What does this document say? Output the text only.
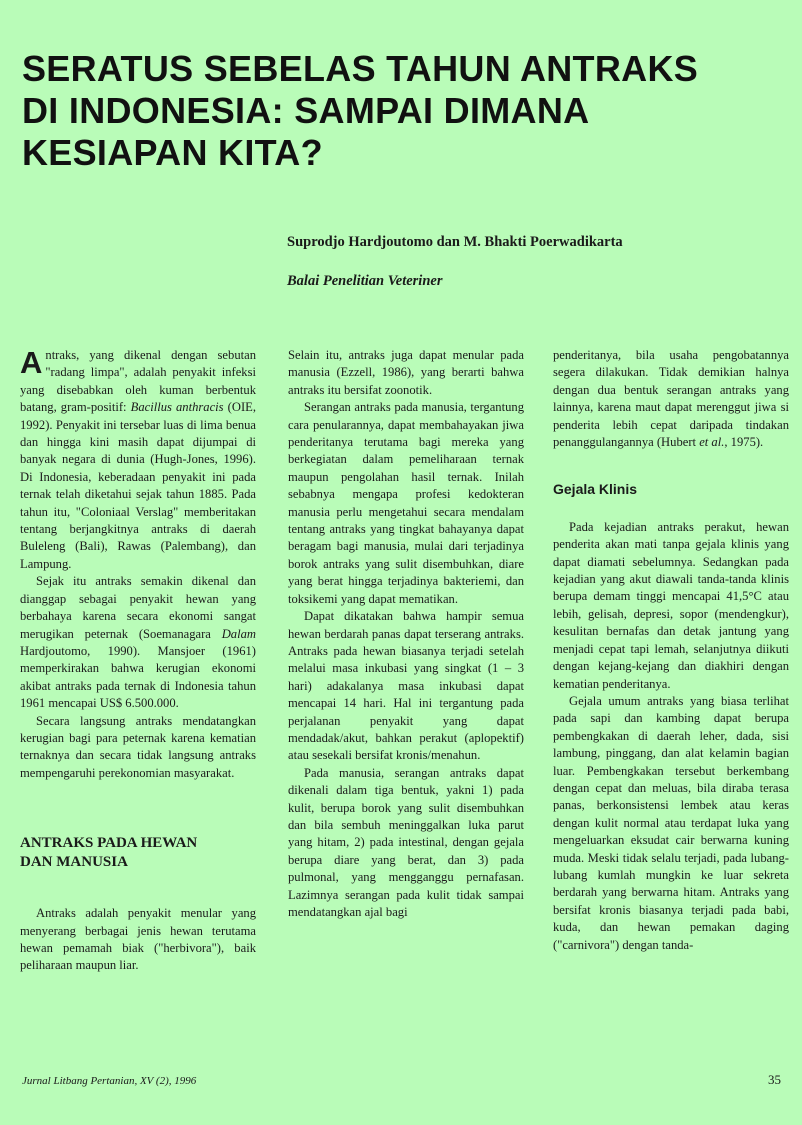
SERATUS SEBELAS TAHUN ANTRAKS
DI INDONESIA: SAMPAI DIMANA
KESIAPAN KITA?
Suprodjo Hardjoutomo dan M. Bhakti Poerwadikarta
Balai Penelitian Veteriner

Antraks, yang dikenal dengan sebutan "radang limpa", adalah penyakit infeksi yang disebabkan oleh kuman berbentuk batang, gram-positif: Bacillus anthracis (OIE, 1992). Penyakit ini tersebar luas di lima benua dan hingga kini masih dapat dijumpai di banyak negara di dunia (Hugh-Jones, 1996). Di Indonesia, keberadaan penyakit ini pada ternak telah diketahui sejak tahun 1885. Pada tahun itu, "Coloniaal Verslag" memberitakan tentang berjangkitnya antraks di daerah Buleleng (Bali), Rawas (Palembang), dan Lampung.

Sejak itu antraks semakin dikenal dan dianggap sebagai penyakit hewan yang berbahaya karena secara ekonomi sangat merugikan peternak (Soemanagara Dalam Hardjoutomo, 1990). Mansjoer (1961) memperkirakan bahwa kerugian ekonomi akibat antraks pada ternak di Indonesia tahun 1961 mencapai US$ 6.500.000.

Secara langsung antraks mendatangkan kerugian bagi para peternak karena kematian ternaknya dan secara tidak langsung antraks mempengaruhi perekonomian masyarakat.

ANTRAKS PADA HEWAN
DAN MANUSIA

Antraks adalah penyakit menular yang menyerang berbagai jenis hewan terutama hewan pemamah biak ("herbivora"), baik peliharaan maupun liar.

Selain itu, antraks juga dapat menular pada manusia (Ezzell, 1986), yang berarti bahwa antraks itu bersifat zoonotik.

Serangan antraks pada manusia, tergantung cara penularannya, dapat membahayakan jiwa penderitanya terutama bagi mereka yang berkegiatan dalam pemeliharaan ternak maupun pengolahan hasil ternak. Inilah sebabnya mengapa profesi kedokteran manusia perlu mengetahui secara mendalam tentang antraks yang tingkat bahayanya dapat beragam bagi manusia, mulai dari terjadinya borok antraks yang sulit disembuhkan, diare yang berat hingga terjadinya bakteriemi, dan toksikemi yang dapat mematikan.

Dapat dikatakan bahwa hampir semua hewan berdarah panas dapat terserang antraks. Antraks pada hewan biasanya terjadi setelah melalui masa inkubasi yang singkat (1 – 3 hari) adakalanya masa inkubasi dapat mencapai 14 hari. Hal ini tergantung pada perjalanan penyakit yang dapat mendadak/akut, bahkan perakut (aplopektif) atau sesekali bersifat kronis/menahun.

Pada manusia, serangan antraks dapat dikenali dalam tiga bentuk, yakni 1) pada kulit, berupa borok yang sulit disembuhkan dan bila sembuh meninggalkan luka parut yang hitam, 2) pada intestinal, dengan gejala berupa diare yang berat, dan 3) pada pulmonal, yang mengganggu pernafasan. Lazimnya serangan pada kulit tidak sampai mendatangkan ajal bagi

penderitanya, bila usaha pengobatannya segera dilakukan. Tidak demikian halnya dengan dua bentuk serangan antraks yang lainnya, karena maut dapat merenggut jiwa si penderita lebih cepat daripada tindakan penanggulangannya (Hubert et al., 1975).

Gejala Klinis

Pada kejadian antraks perakut, hewan penderita akan mati tanpa gejala klinis yang dapat diamati sebelumnya. Sedangkan pada kejadian yang akut diawali tanda-tanda klinis berupa demam tinggi mencapai 41,5°C atau lebih, gelisah, depresi, sopor (mendengkur), kesulitan bernafas dan detak jantung yang menjadi cepat tapi lemah, selanjutnya diikuti dengan kejang-kejang dan diakhiri dengan kematian penderitanya.

Gejala umum antraks yang biasa terlihat pada sapi dan kambing dapat berupa pembengkakan di daerah leher, dada, sisi lambung, pinggang, dan alat kelamin bagian luar. Pembengkakan tersebut berkembang dengan cepat dan meluas, bila diraba terasa panas, berkonsistensi lembek atau keras dengan kulit normal atau terdapat luka yang mengeluarkan eksudat cair berwarna kuning muda. Meski tidak selalu terjadi, pada lubang-lubang kumlah mungkin ke luar sekreta berdarah yang berwarna hitam. Antraks yang bersifat kronis biasanya terjadi pada babi, kuda, dan hewan pemakan daging ("carnivora") dengan tanda-

Jurnal Litbang Pertanian, XV (2), 1996	35
